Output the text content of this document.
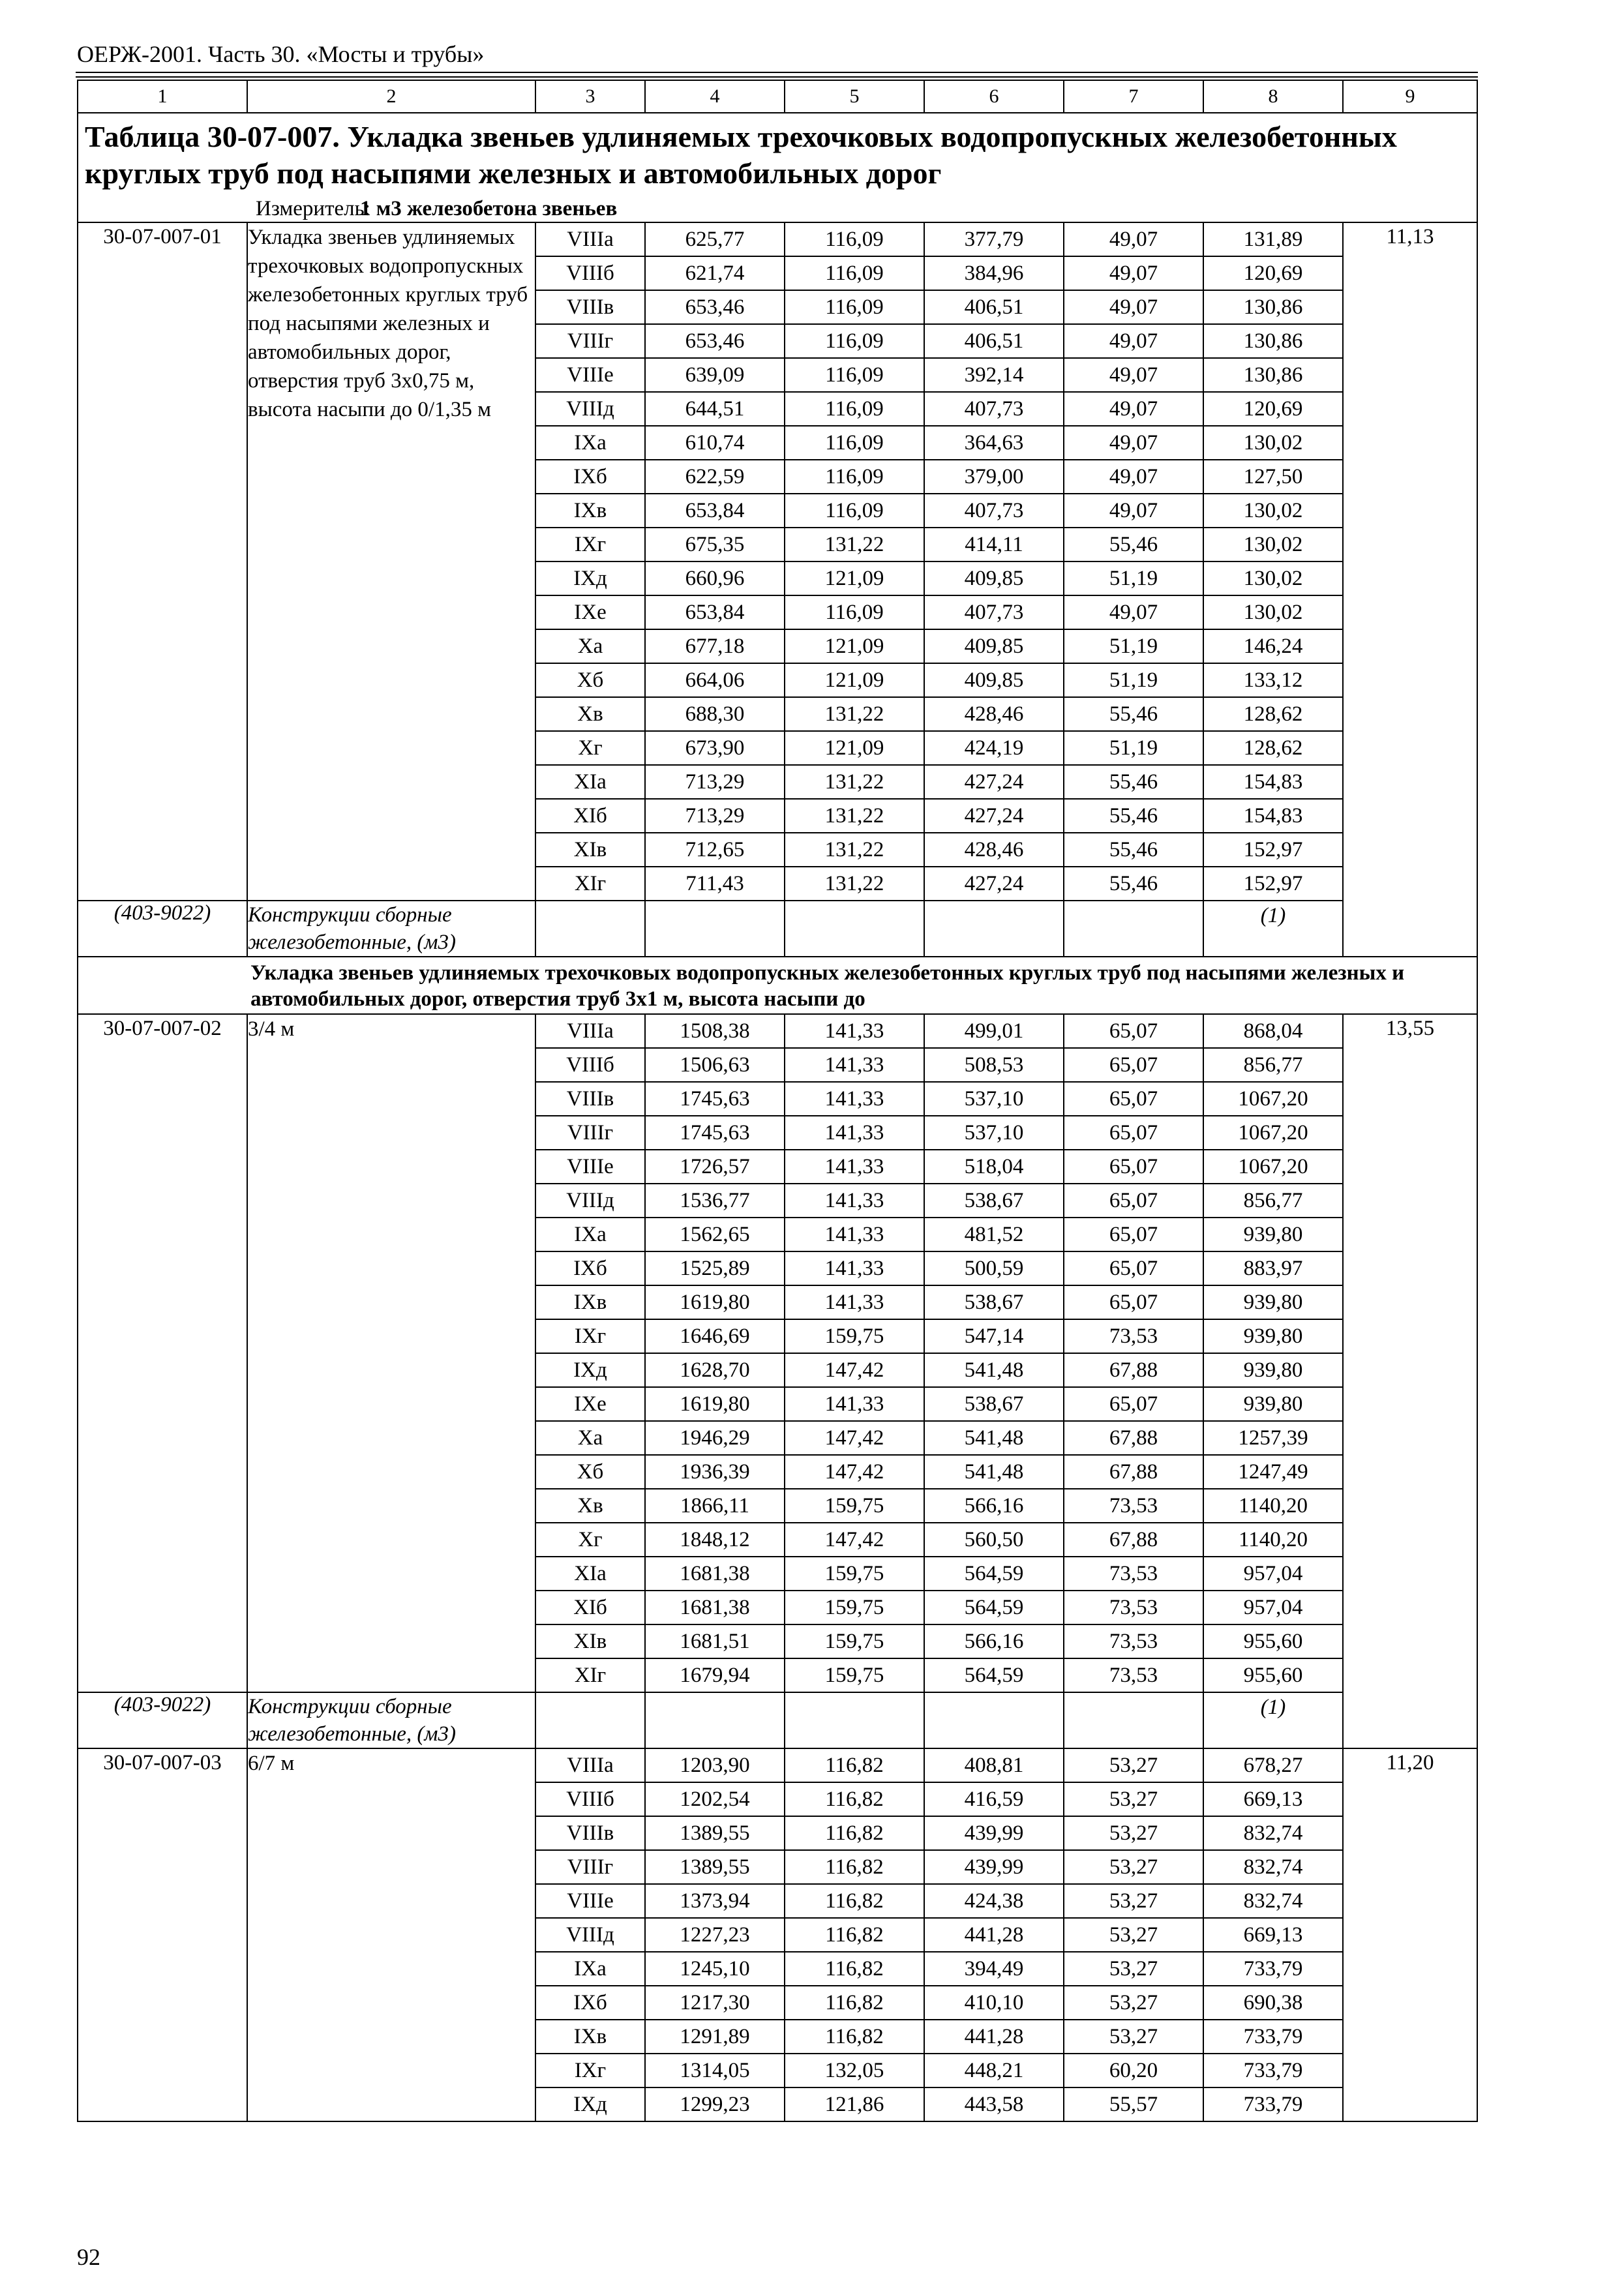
ОЕРЖ-2001. Часть 30. «Мосты и трубы»
1	2	3	4	5	6	7	8	9

Таблица 30-07-007. Укладка звеньев удлиняемых трехочковых водопропускных железобетонных круглых труб под насыпями железных и автомобильных дорог
Измеритель:
1 м3 железобетона звеньев								

30-07-007-01	Укладка звеньев удлиняемых трехочковых водопропускных железобетонных круглых труб под насыпями железных и автомобильных дорог, отверстия труб 3х0,75 м, высота насыпи до 0/1,35 м	VIIIа	625,77	116,09	377,79	49,07	131,89	11,13
		VIIIб	621,74	116,09	384,96	49,07	120,69	
		VIIIв	653,46	116,09	406,51	49,07	130,86	
		VIIIг	653,46	116,09	406,51	49,07	130,86	
		VIIIе	639,09	116,09	392,14	49,07	130,86	
		VIIIд	644,51	116,09	407,73	49,07	120,69	
		IXа	610,74	116,09	364,63	49,07	130,02	
		IXб	622,59	116,09	379,00	49,07	127,50	
		IXв	653,84	116,09	407,73	49,07	130,02	
		IXг	675,35	131,22	414,11	55,46	130,02	
		IXд	660,96	121,09	409,85	51,19	130,02	
		IXе	653,84	116,09	407,73	49,07	130,02	
		Xа	677,18	121,09	409,85	51,19	146,24	
		Xб	664,06	121,09	409,85	51,19	133,12	
		Xв	688,30	131,22	428,46	55,46	128,62	
		Xг	673,90	121,09	424,19	51,19	128,62	
		XIа	713,29	131,22	427,24	55,46	154,83	
		XIб	713,29	131,22	427,24	55,46	154,83	
		XIв	712,65	131,22	428,46	55,46	152,97	
		XIг	711,43	131,22	427,24	55,46	152,97	
(403-9022)	Конструкции сборные железобетонные, (м3)						(1)	

Укладка звеньев удлиняемых трехочковых водопропускных железобетонных круглых труб под насыпями железных и автомобильных дорог, отверстия труб 3х1 м, высота насыпи до								

30-07-007-02	3/4 м	VIIIа	1508,38	141,33	499,01	65,07	868,04	13,55
		VIIIб	1506,63	141,33	508,53	65,07	856,77	
		VIIIв	1745,63	141,33	537,10	65,07	1067,20	
		VIIIг	1745,63	141,33	537,10	65,07	1067,20	
		VIIIе	1726,57	141,33	518,04	65,07	1067,20	
		VIIIд	1536,77	141,33	538,67	65,07	856,77	
		IXа	1562,65	141,33	481,52	65,07	939,80	
		IXб	1525,89	141,33	500,59	65,07	883,97	
		IXв	1619,80	141,33	538,67	65,07	939,80	
		IXг	1646,69	159,75	547,14	73,53	939,80	
		IXд	1628,70	147,42	541,48	67,88	939,80	
		IXе	1619,80	141,33	538,67	65,07	939,80	
		Xа	1946,29	147,42	541,48	67,88	1257,39	
		Xб	1936,39	147,42	541,48	67,88	1247,49	
		Xв	1866,11	159,75	566,16	73,53	1140,20	
		Xг	1848,12	147,42	560,50	67,88	1140,20	
		XIа	1681,38	159,75	564,59	73,53	957,04	
		XIб	1681,38	159,75	564,59	73,53	957,04	
		XIв	1681,51	159,75	566,16	73,53	955,60	
		XIг	1679,94	159,75	564,59	73,53	955,60	
(403-9022)	Конструкции сборные железобетонные, (м3)						(1)	
30-07-007-03	6/7 м	VIIIа	1203,90	116,82	408,81	53,27	678,27	11,20
		VIIIб	1202,54	116,82	416,59	53,27	669,13	
		VIIIв	1389,55	116,82	439,99	53,27	832,74	
		VIIIг	1389,55	116,82	439,99	53,27	832,74	
		VIIIе	1373,94	116,82	424,38	53,27	832,74	
		VIIIд	1227,23	116,82	441,28	53,27	669,13	
		IXа	1245,10	116,82	394,49	53,27	733,79	
		IXб	1217,30	116,82	410,10	53,27	690,38	
		IXв	1291,89	116,82	441,28	53,27	733,79	
		IXг	1314,05	132,05	448,21	60,20	733,79	
		IXд	1299,23	121,86	443,58	55,57	733,79	
92
